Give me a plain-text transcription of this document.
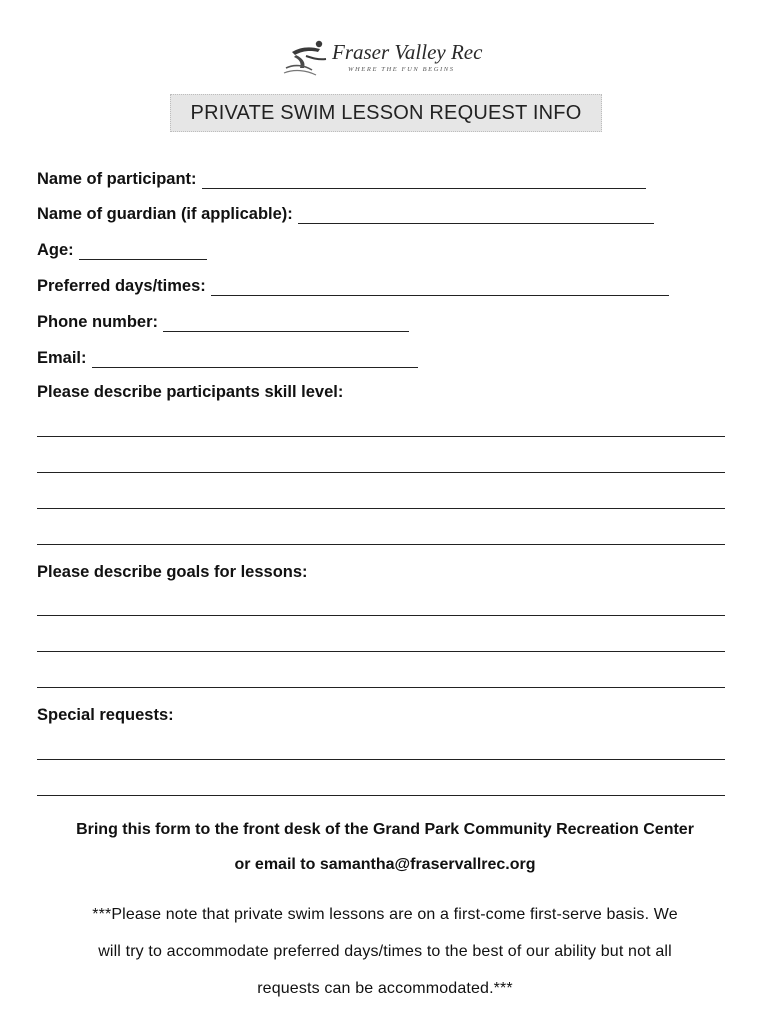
Fraser Valley Rec
WHERE THE FUN BEGINS
PRIVATE SWIM LESSON REQUEST INFO
Name of participant:
Name of guardian (if applicable):
Age:
Preferred days/times:
Phone number:
Email:
Please describe participants skill level:
Please describe goals for lessons:
Special requests:
Bring this form to the front desk of the Grand Park Community Recreation Center
or email to samantha@fraservallrec.org
***Please note that private swim lessons are on a first-come first-serve basis. We
will try to accommodate preferred days/times to the best of our ability but not all
requests can be accommodated.***
